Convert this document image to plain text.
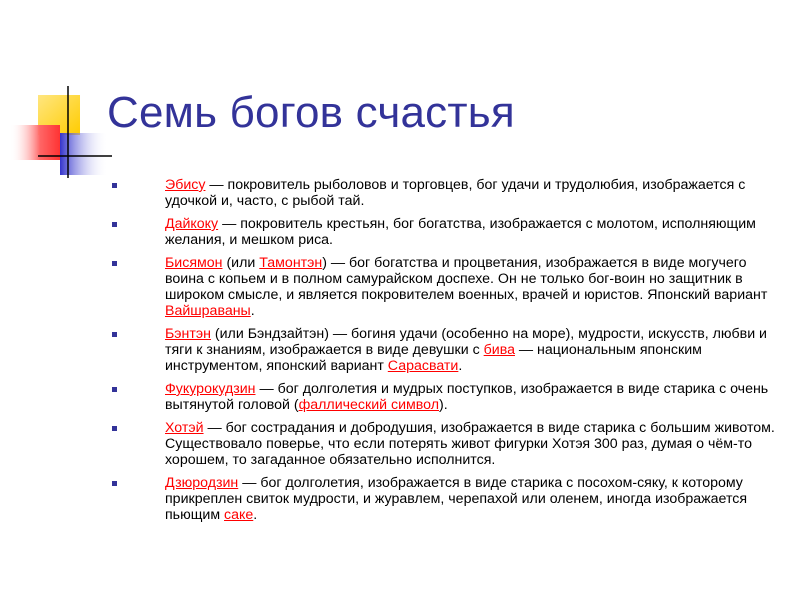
Семь богов счастья
Эбису — покровитель рыболовов и торговцев, бог удачи и трудолюбия, изображается с удочкой и, часто, с рыбой тай.
Дайкоку — покровитель крестьян, бог богатства, изображается с молотом, исполняющим желания, и мешком риса.
Бисямон (или Тамонтэн) — бог богатства и процветания, изображается в виде могучего воина с копьем и в полном самурайском доспехе. Он не только бог-воин но защитник в широком смысле, и является покровителем военных, врачей и юристов. Японский вариант Вайшраваны.
Бэнтэн (или Бэндзайтэн) — богиня удачи (особенно на море), мудрости, искусств, любви и тяги к знаниям, изображается в виде девушки с бива — национальным японским инструментом, японский вариант Сарасвати.
Фукурокудзин — бог долголетия и мудрых поступков, изображается в виде старика с очень вытянутой головой (фаллический символ).
Хотэй — бог сострадания и добродушия, изображается в виде старика с большим животом. Существовало поверье, что если потерять живот фигурки Хотэя 300 раз, думая о чём-то хорошем, то загаданное обязательно исполнится.
Дзюродзин — бог долголетия, изображается в виде старика с посохом-сяку, к которому прикреплен свиток мудрости, и журавлем, черепахой или оленем, иногда изображается пьющим саке.
